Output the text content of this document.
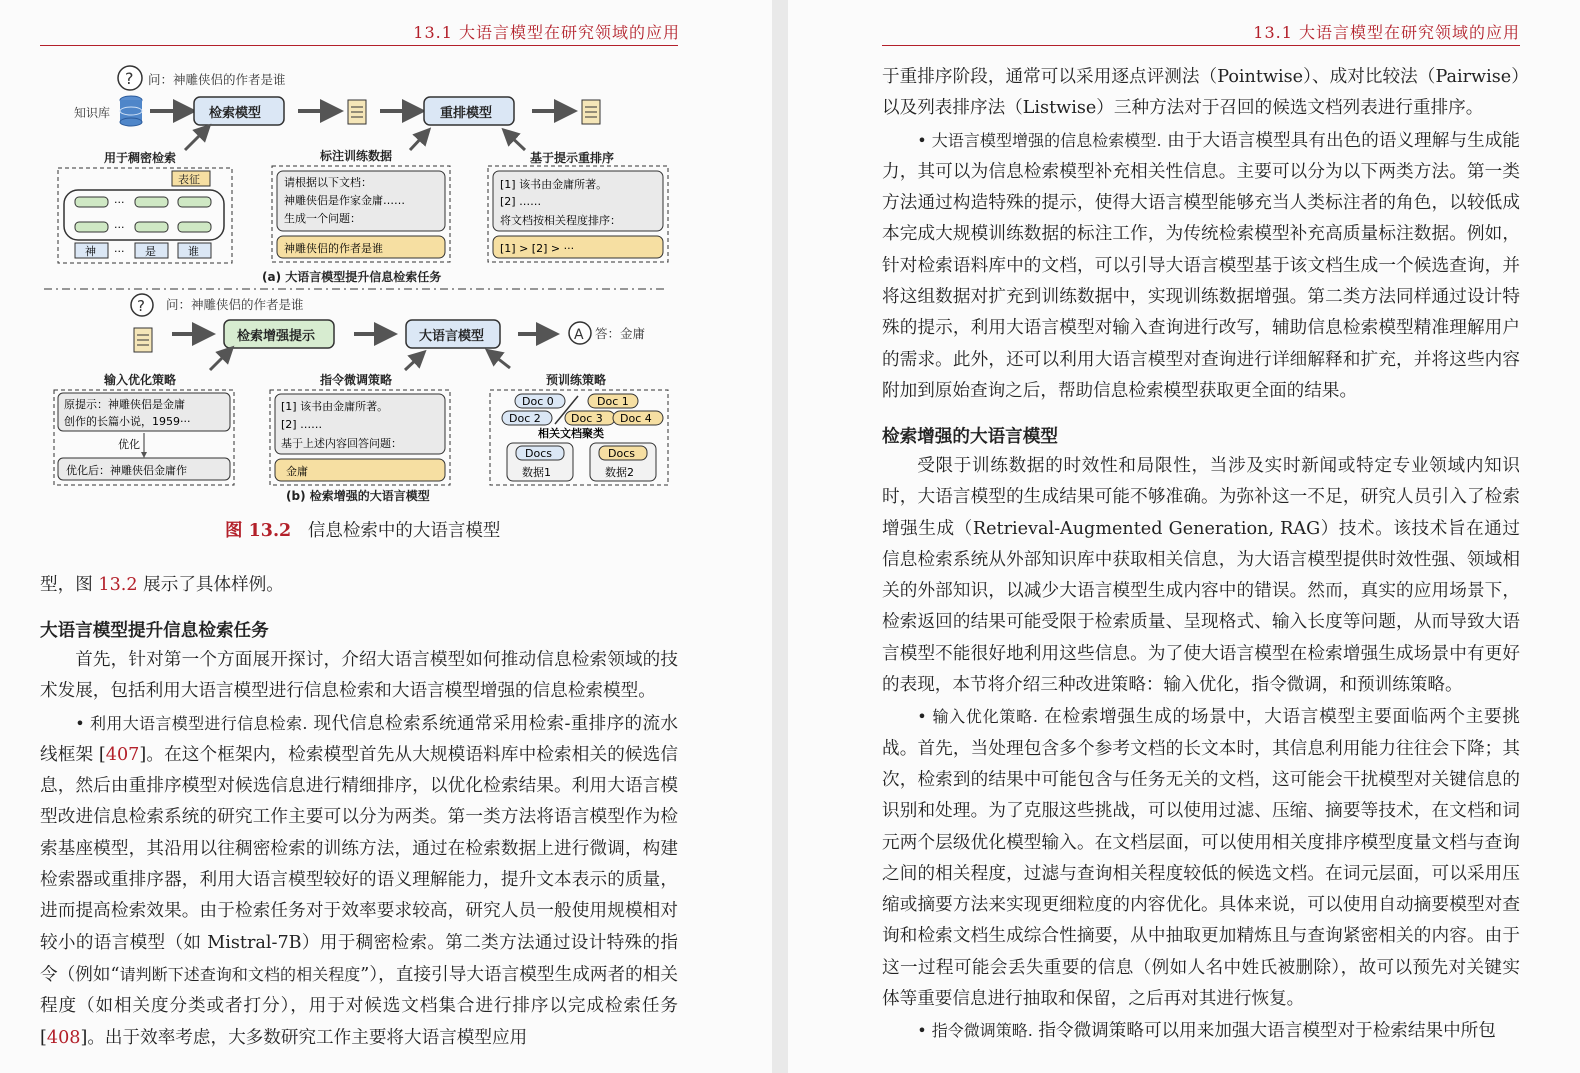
13.1 大语言模型在研究领域的应用
? 问：神雕侠侣的作者是谁
知识库	检索模型	重排模型
用于稠密检索
表征
···
···
神 ··· 是	谁
标注训练数据
请根据以下文档：
神雕侠侣是作家金庸……
生成一个问题：
神雕侠侣的作者是谁
基于提示重排序
[1] 该书由金庸所著。
[2] ……
将文档按相关程度排序：
[1] > [2] > ···
(a) 大语言模型提升信息检索任务
? 问：神雕侠侣的作者是谁
检索增强提示	大语言模型	A 答：金庸
输入优化策略
原提示：神雕侠侣是金庸
创作的长篇小说，1959···
优化
优化后：神雕侠侣金庸作
指令微调策略
[1] 该书由金庸所著。
[2] ……
基于上述内容回答问题：
金庸
预训练策略
Doc 0	Doc 1
Doc 2	Doc 3 Doc 4
相关文档聚类
Docs
数据1
Docs
数据2
(b) 检索增强的大语言模型
图 13.2 信息检索中的大语言模型
型，图 13.2 展示了具体样例。
大语言模型提升信息检索任务

首先，针对第一个方面展开探讨，介绍大语言模型如何推动信息检索领域的技术发展，包括利用大语言模型进行信息检索和大语言模型增强的信息检索模型。

• 利用大语言模型进行信息检索. 现代信息检索系统通常采用检索-重排序的流水线框架 [407]。在这个框架内，检索模型首先从大规模语料库中检索相关的候选信息，然后由重排序模型对候选信息进行精细排序，以优化检索结果。利用大语言模型改进信息检索系统的研究工作主要可以分为两类。第一类方法将语言模型作为检索基座模型，其沿用以往稠密检索的训练方法，通过在检索数据上进行微调，构建检索器或重排序器，利用大语言模型较好的语义理解能力，提升文本表示的质量，进而提高检索效果。由于检索任务对于效率要求较高，研究人员一般使用规模相对较小的语言模型（如 Mistral-7B）用于稠密检索。第二类方法通过设计特殊的指令（例如“请判断下述查询和文档的相关程度”），直接引导大语言模型生成两者的相关程度（如相关度分类或者打分），用于对候选文档集合进行排序以完成检索任务 [408]。出于效率考虑，大多数研究工作主要将大语言模型应用

13.1 大语言模型在研究领域的应用

于重排序阶段，通常可以采用逐点评测法（Pointwise）、成对比较法（Pairwise）以及列表排序法（Listwise）三种方法对于召回的候选文档列表进行重排序。

• 大语言模型增强的信息检索模型. 由于大语言模型具有出色的语义理解与生成能力，其可以为信息检索模型补充相关性信息。主要可以分为以下两类方法。第一类方法通过构造特殊的提示，使得大语言模型能够充当人类标注者的角色，以较低成本完成大规模训练数据的标注工作，为传统检索模型补充高质量标注数据。例如，针对检索语料库中的文档，可以引导大语言模型基于该文档生成一个候选查询，并将这组数据对扩充到训练数据中，实现训练数据增强。第二类方法同样通过设计特殊的提示，利用大语言模型对输入查询进行改写，辅助信息检索模型精准理解用户的需求。此外，还可以利用大语言模型对查询进行详细解释和扩充，并将这些内容附加到原始查询之后，帮助信息检索模型获取更全面的结果。

检索增强的大语言模型

受限于训练数据的时效性和局限性，当涉及实时新闻或特定专业领域内知识时，大语言模型的生成结果可能不够准确。为弥补这一不足，研究人员引入了检索增强生成（Retrieval-Augmented Generation, RAG）技术。该技术旨在通过信息检索系统从外部知识库中获取相关信息，为大语言模型提供时效性强、领域相关的外部知识，以减少大语言模型生成内容中的错误。然而，真实的应用场景下，检索返回的结果可能受限于检索质量、呈现格式、输入长度等问题，从而导致大语言模型不能很好地利用这些信息。为了使大语言模型在检索增强生成场景中有更好的表现，本节将介绍三种改进策略：输入优化，指令微调，和预训练策略。

• 输入优化策略. 在检索增强生成的场景中，大语言模型主要面临两个主要挑战。首先，当处理包含多个参考文档的长文本时，其信息利用能力往往会下降；其次，检索到的结果中可能包含与任务无关的文档，这可能会干扰模型对关键信息的识别和处理。为了克服这些挑战，可以使用过滤、压缩、摘要等技术，在文档和词元两个层级优化模型输入。在文档层面，可以使用相关度排序模型度量文档与查询之间的相关程度，过滤与查询相关程度较低的候选文档。在词元层面，可以采用压缩或摘要方法来实现更细粒度的内容优化。具体来说，可以使用自动摘要模型对查询和检索文档生成综合性摘要，从中抽取更加精炼且与查询紧密相关的内容。由于这一过程可能会丢失重要的信息（例如人名中姓氏被删除），故可以预先对关键实体等重要信息进行抽取和保留，之后再对其进行恢复。

• 指令微调策略. 指令微调策略可以用来加强大语言模型对于检索结果中所包
